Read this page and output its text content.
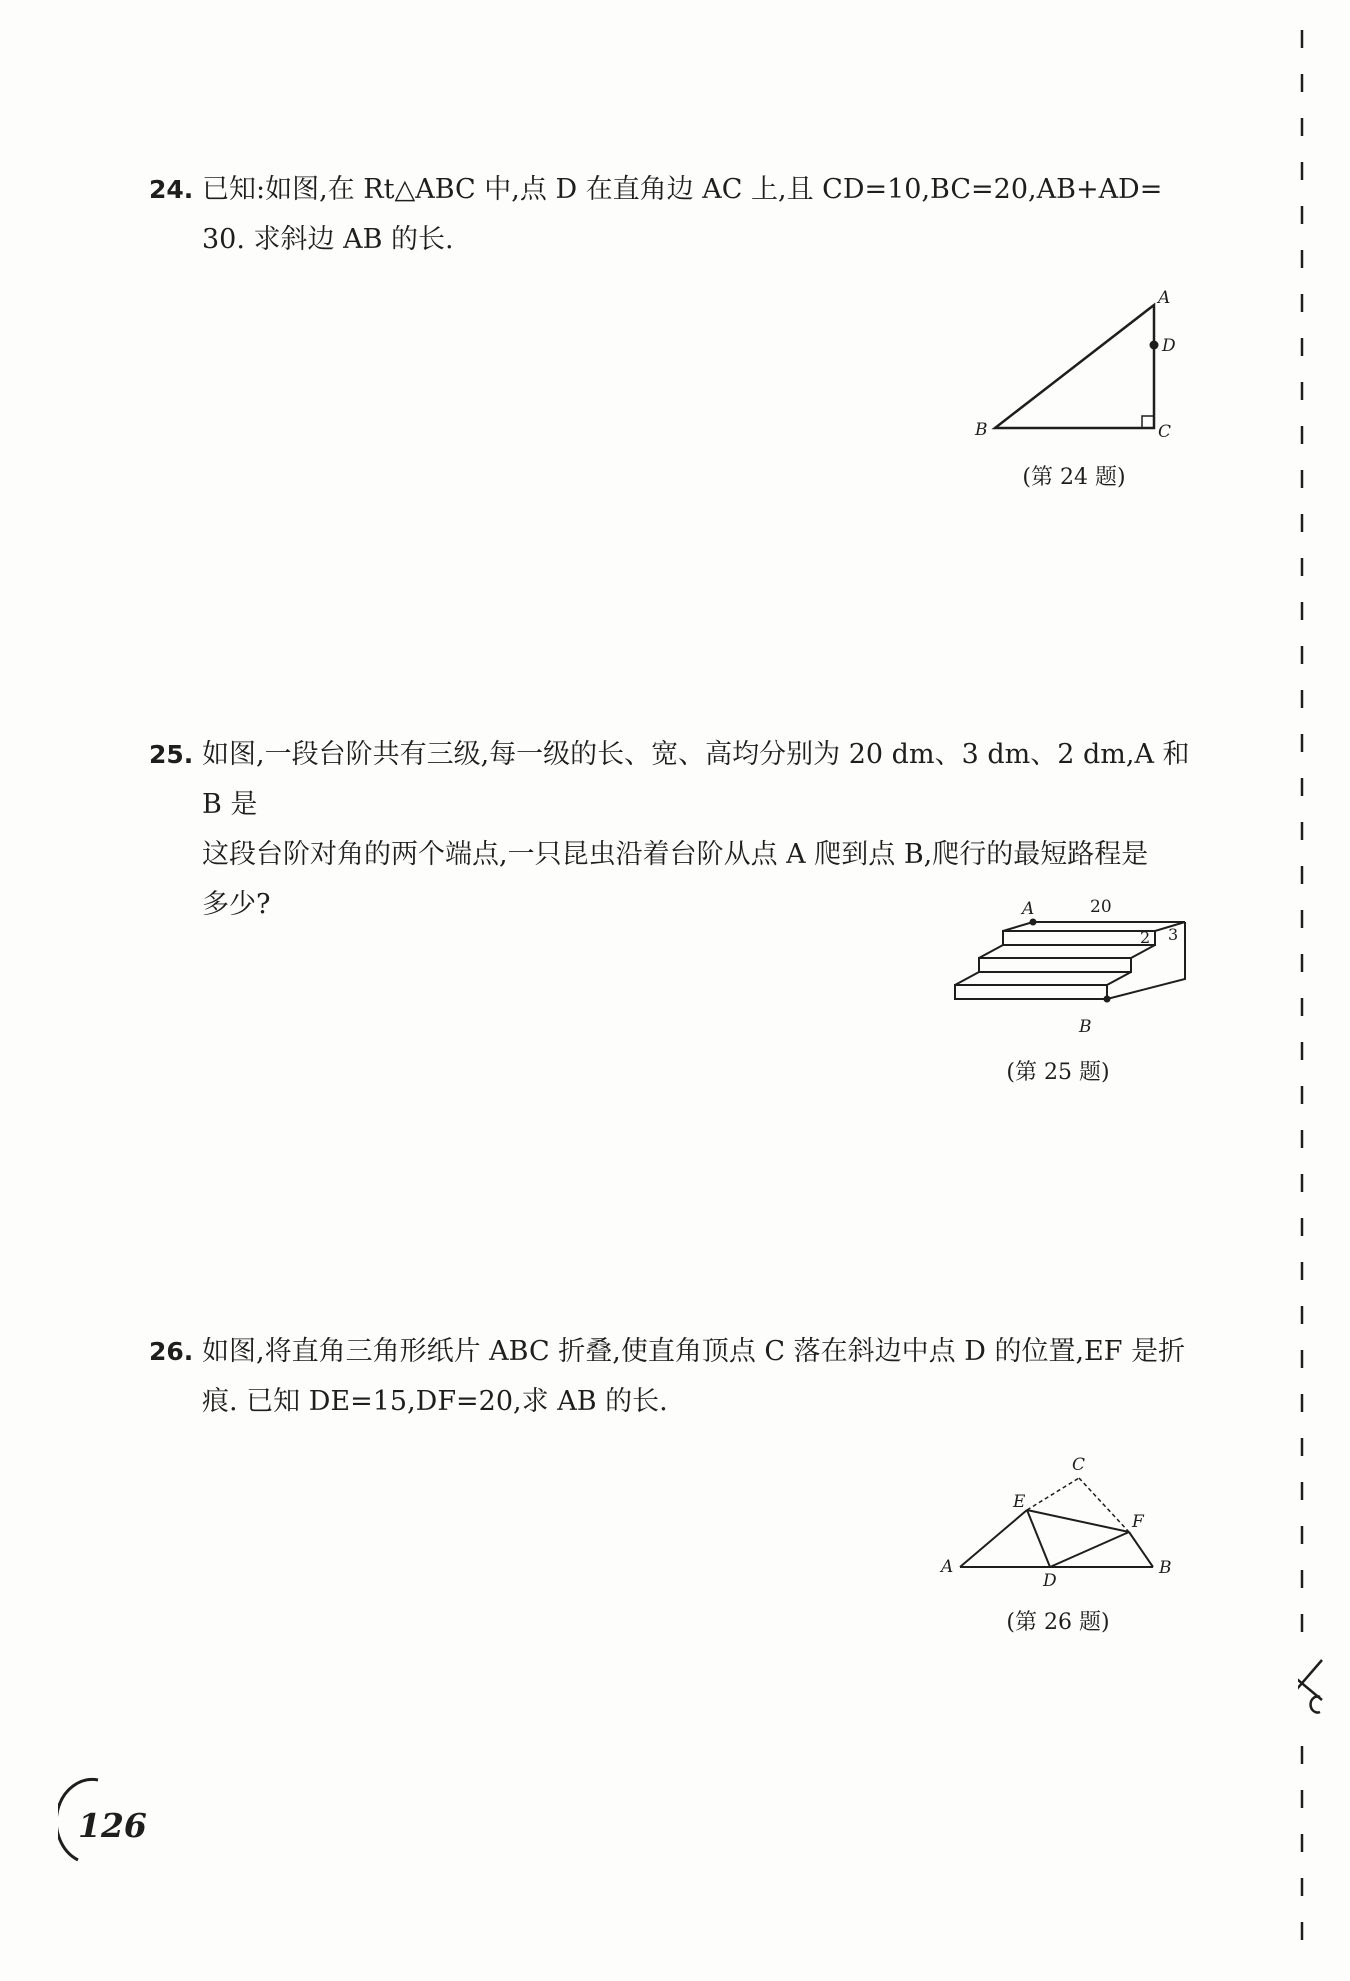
24. 已知:如图,在 Rt△ABC 中,点 D 在直角边 AC 上,且 CD=10,BC=20,AB+AD=
30. 求斜边 AB 的长.
A
D
B	C
(第 24 题)
25. 如图,一段台阶共有三级,每一级的长、宽、高均分别为 20 dm、3 dm、2 dm,A 和 B 是
这段台阶对角的两个端点,一只昆虫沿着台阶从点 A 爬到点 B,爬行的最短路程是
多少?	A	20
2 3
B
(第 25 题)
26. 如图,将直角三角形纸片 ABC 折叠,使直角顶点 C 落在斜边中点 D 的位置,EF 是折
痕. 已知 DE=15,DF=20,求 AB 的长.
C
E
F
A
D
B
(第 26 题)
126
